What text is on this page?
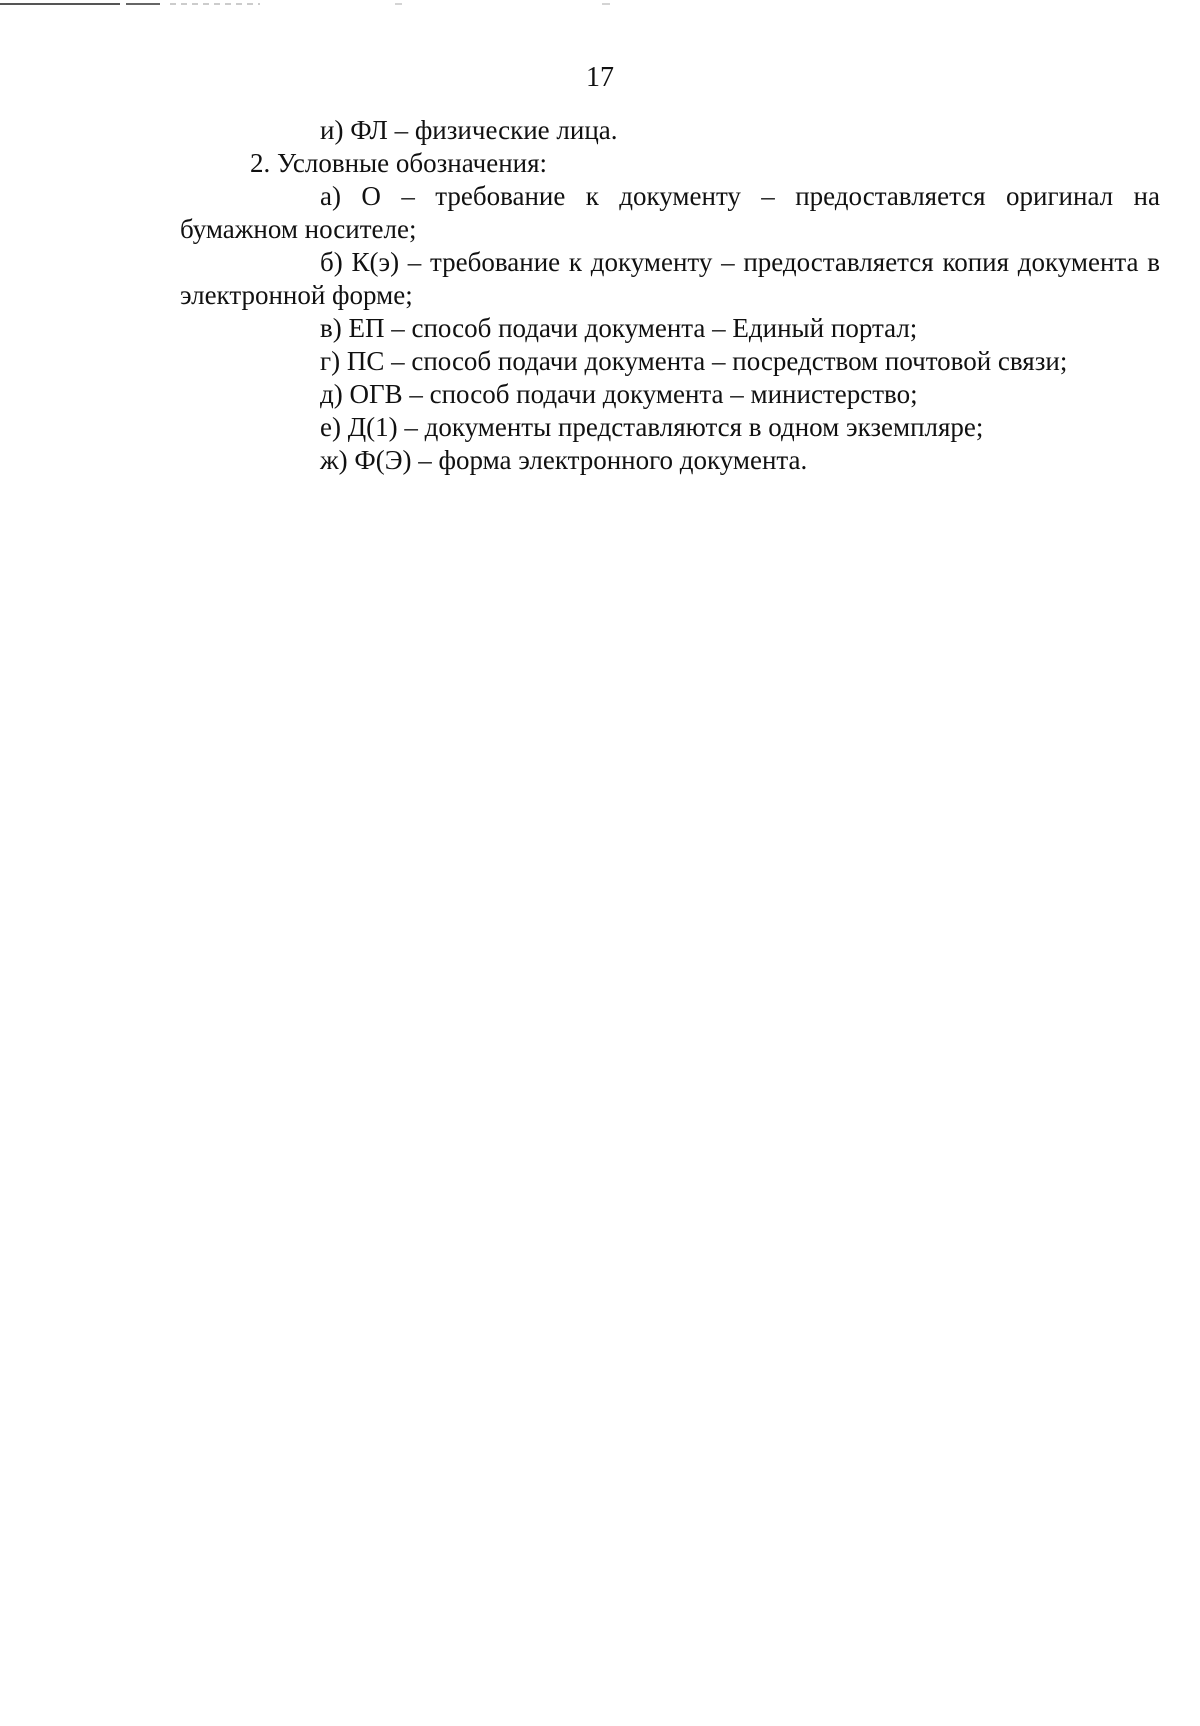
17

и) ФЛ – физические лица.

2. Условные обозначения:

а) О – требование к документу – предоставляется оригинал на бумажном носителе;

б) К(э) – требование к документу – предоставляется копия документа в электронной форме;

в) ЕП – способ подачи документа – Единый портал;

г) ПС – способ подачи документа – посредством почтовой связи;

д) ОГВ – способ подачи документа – министерство;

е) Д(1) – документы представляются в одном экземпляре;

ж) Ф(Э) – форма электронного документа.
